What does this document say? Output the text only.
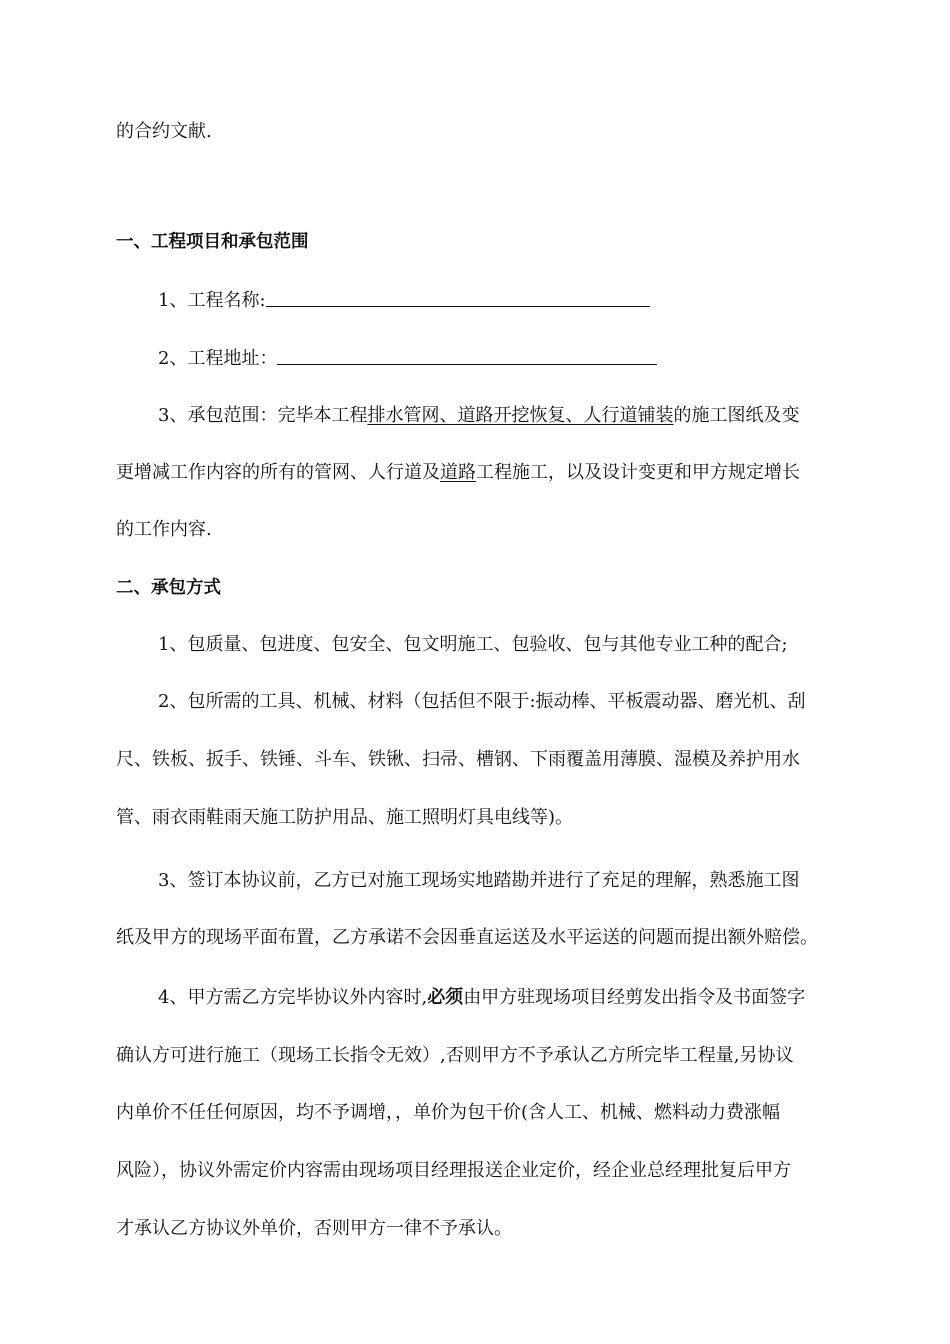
的合约文献.
一、工程项目和承包范围
1、工程名称:
2、工程地址：
3、承包范围：完毕本工程排水管网、道路开挖恢复、人行道铺装的施工图纸及变
更增减工作内容的所有的管网、人行道及道路工程施工，以及设计变更和甲方规定增长
的工作内容.
二、承包方式
1、包质量、包进度、包安全、包文明施工、包验收、包与其他专业工种的配合;
2、包所需的工具、机械、材料（包括但不限于:振动棒、平板震动器、磨光机、刮
尺、铁板、扳手、铁锤、斗车、铁锹、扫帚、槽钢、下雨覆盖用薄膜、湿模及养护用水
管、雨衣雨鞋雨天施工防护用品、施工照明灯具电线等)。
3、签订本协议前，乙方已对施工现场实地踏勘并进行了充足的理解，熟悉施工图
纸及甲方的现场平面布置，乙方承诺不会因垂直运送及水平运送的问题而提出额外赔偿。
4、甲方需乙方完毕协议外内容时,必须由甲方驻现场项目经剪发出指令及书面签字
确认方可进行施工（现场工长指令无效）,否则甲方不予承认乙方所完毕工程量,另协议
内单价不任任何原因，均不予调增，，单价为包干价(含人工、机械、燃料动力费涨幅
风险），协议外需定价内容需由现场项目经理报送企业定价，经企业总经理批复后甲方
才承认乙方协议外单价，否则甲方一律不予承认。
